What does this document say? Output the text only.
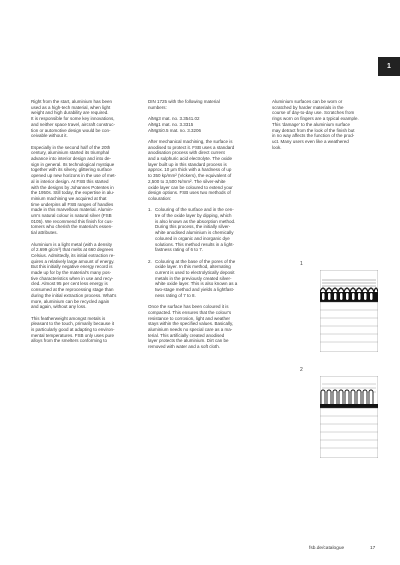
1

Right from the start, aluminium has been
used as a high-tech material, when light
weight and high durability are required.
It is responsible for some key innovations,
and neither space travel, aircraft construc-
tion or automotive design would be con-
ceivable without it.

Especially in the second half of the 20th
century, aluminium started its triumphal
advance into interior design and into de-
sign in general. Its technological mystique
together with its silvery, glittering surface
opened up new horizons in the use of met-
al in interior design. At FSB this started
with the designs by Johannes Potentes in
the 1950s. Still today, the expertise in alu-
minium machining we acquired at that
time underpins all FSB ranges of handles
made in this marvellous material. Alumin-
um's natural colour is natural silver (FSB
0105). We recommend this finish for cus-
tomers who cherish the material's essen-
tial attributes.

Aluminium is a light metal (with a density
of 2.699 g/cm³) that melts at 660 degrees
Celsius. Admittedly, its initial extraction re-
quires a relatively large amount of energy.
But this initially negative energy record is
made up for by the material's many pos-
tive characteristics when in use and recy-
cled. Almost 95 per cent less energy is
consumed at the reprocessing stage than
during the initial extraction process. What's
more, aluminium can be recycled again
and again, without any loss.

This featherweight amongst metals is
pleasant to the touch, primarily because it
is particularly good at adapting to environ-
mental temperatures. FSB only uses pure
alloys from the smelters conforming to

DIN 1725 with the following material
numbers:

AlMg3 mat. no. 3.3541.02
AlMg1 mat. no. 3.3315
AlMgSi0.5 mat. no. 3.3206

After mechanical machining, the surface is
anodised to protect it. FSB uses a standard
anodisation process with direct current
and a sulphuric acid electrolyte. The oxide
layer built up in this standard process is
approx. 10 μm thick with a hardness of up
to 350 kp/mm² (Vickers), the equivalent of
2,500 to 3,500 N/mm². The silver-white
oxide layer can be coloured to extend your
design options. FSB uses two methods of
colouration:

1. Colouring of the surface and in the cen-
tre of the oxide layer by dipping, which
is also known as the absorption method.
During this process, the initially silver-
white anodised aluminium is chemically
coloured in organic and inorganic dye
solutions. This method results in a light-
fastness rating of 6 to 7.
2. Colouring at the base of the pores of the
oxide layer. In this method, alternating
current is used to electrolytically deposit
metals in the previously created silver-
white oxide layer. This is also known as a
two-stage method and yields a lightfast-
ness rating of 7 to 8.

Once the surface has been coloured it is
compacted. This ensures that the colour's
resistance to corrosion, light and weather
stays within the specified values. Basically,
aluminium needs no special care as a ma-
terial. This artificially created anodised
layer protects the aluminium. Dirt can be
removed with water and a soft cloth.

Aluminium surfaces can be worn or
scratched by harder materials in the
course of day-to-day use. Scratches from
rings worn on fingers are a typical example.
This 'damage' to the aluminium surface
may detract from the look of the finish but
in no way affects the function of the prod-
uct. Many users even like a weathered
look.

1
2
fsb.de/catalogue	17
